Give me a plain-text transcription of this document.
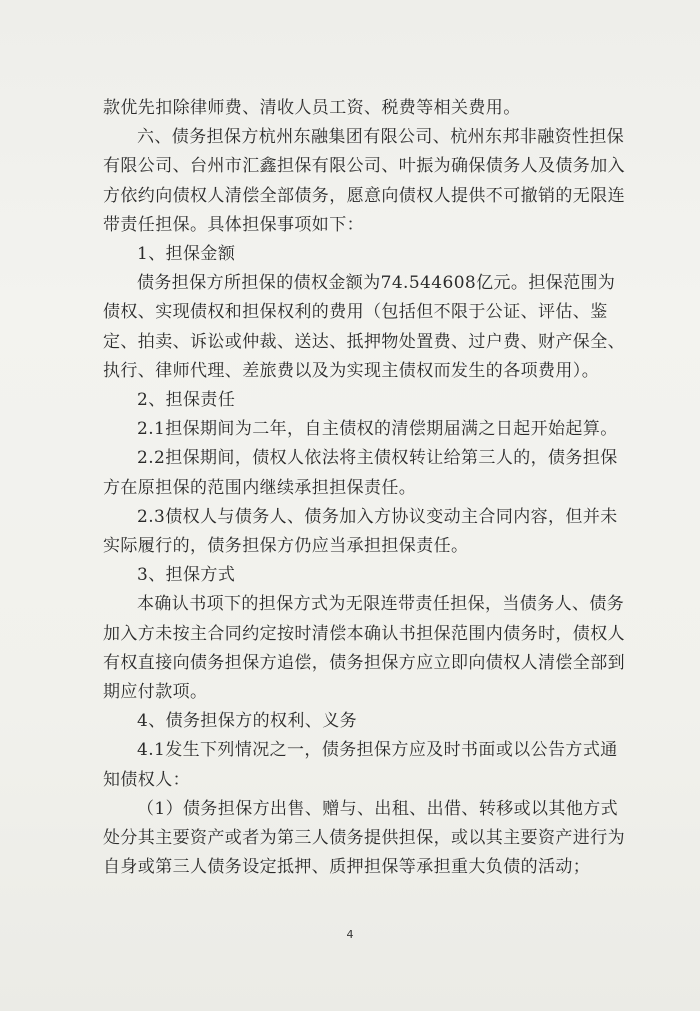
款优先扣除律师费、清收人员工资、税费等相关费用。

六、债务担保方杭州东融集团有限公司、杭州东邦非融资性担保有限公司、台州市汇鑫担保有限公司、叶振为确保债务人及债务加入方依约向债权人清偿全部债务，愿意向债权人提供不可撤销的无限连带责任担保。具体担保事项如下：

1、担保金额

债务担保方所担保的债权金额为74.544608亿元。担保范围为债权、实现债权和担保权利的费用（包括但不限于公证、评估、鉴定、拍卖、诉讼或仲裁、送达、抵押物处置费、过户费、财产保全、执行、律师代理、差旅费以及为实现主债权而发生的各项费用）。

2、担保责任

2.1担保期间为二年，自主债权的清偿期届满之日起开始起算。

2.2担保期间，债权人依法将主债权转让给第三人的，债务担保方在原担保的范围内继续承担担保责任。

2.3债权人与债务人、债务加入方协议变动主合同内容，但并未实际履行的，债务担保方仍应当承担担保责任。

3、担保方式

本确认书项下的担保方式为无限连带责任担保，当债务人、债务加入方未按主合同约定按时清偿本确认书担保范围内债务时，债权人有权直接向债务担保方追偿，债务担保方应立即向债权人清偿全部到期应付款项。

4、债务担保方的权利、义务

4.1发生下列情况之一，债务担保方应及时书面或以公告方式通知债权人：

（1）债务担保方出售、赠与、出租、出借、转移或以其他方式处分其主要资产或者为第三人债务提供担保，或以其主要资产进行为自身或第三人债务设定抵押、质押担保等承担重大负债的活动；

4
